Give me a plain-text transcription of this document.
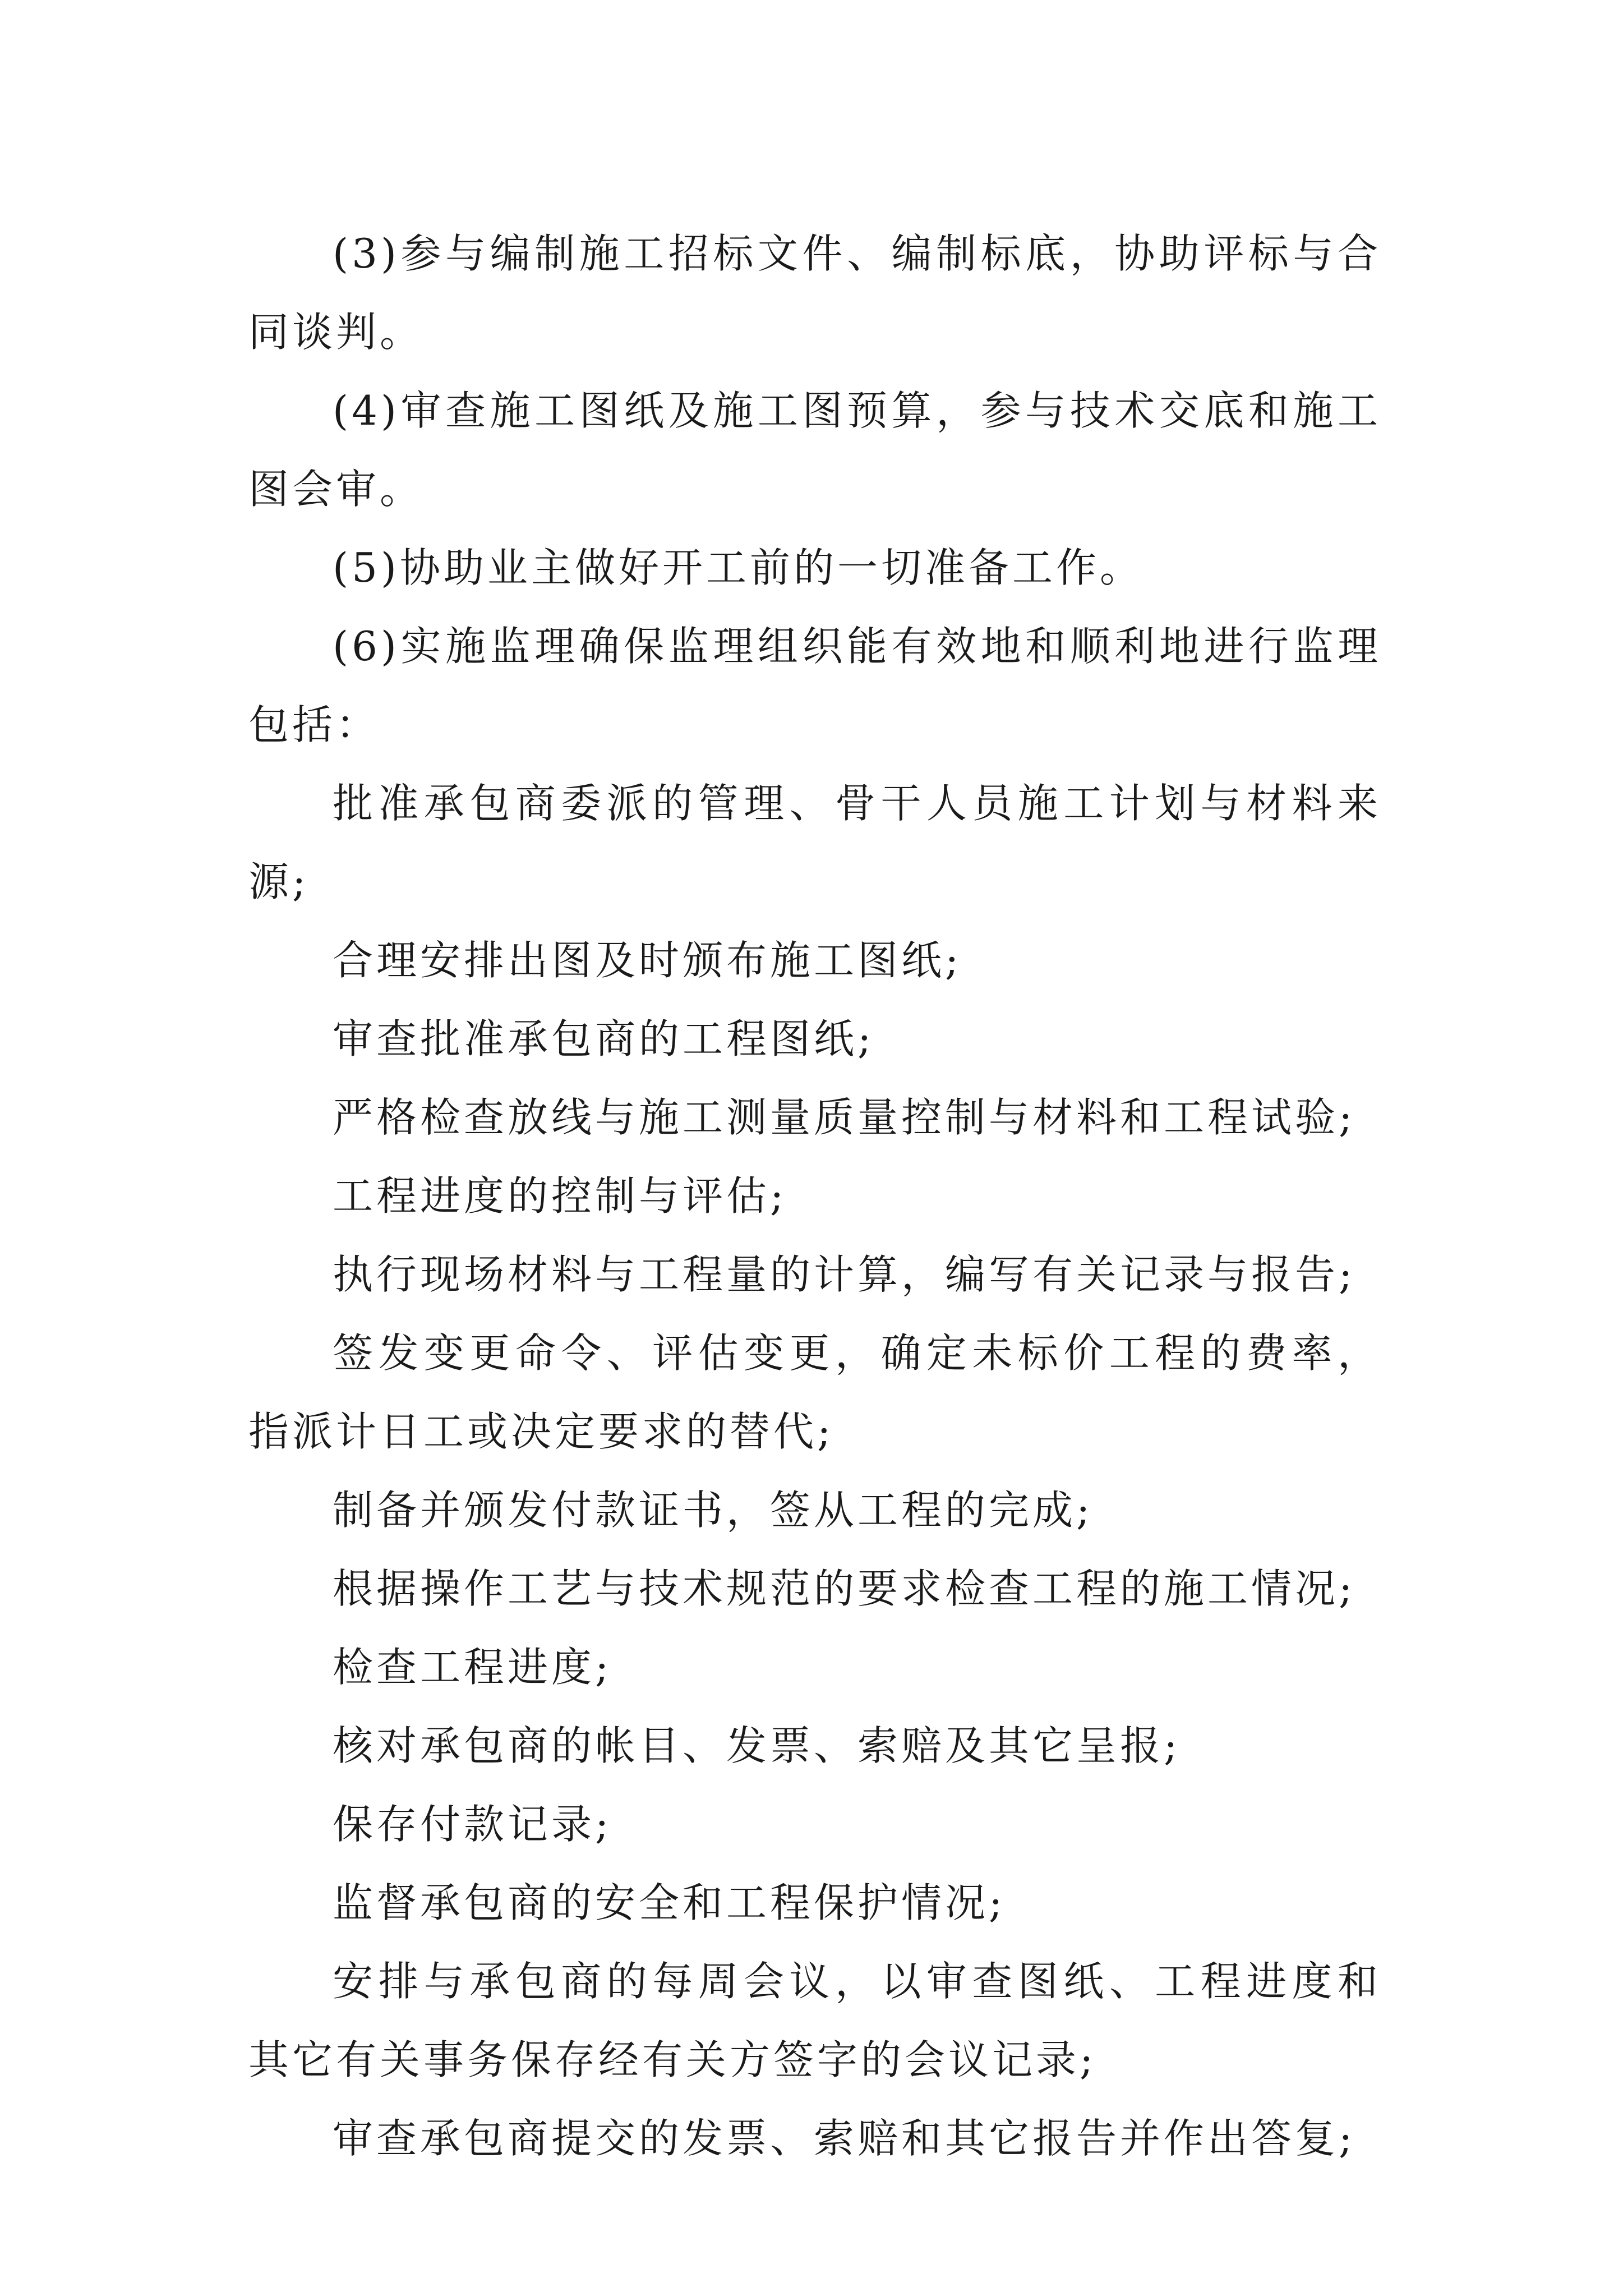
(3)参与编制施工招标文件、编制标底，协助评标与合同谈判。

(4)审查施工图纸及施工图预算，参与技术交底和施工图会审。

(5)协助业主做好开工前的一切准备工作。

(6)实施监理确保监理组织能有效地和顺利地进行监理包括：

批准承包商委派的管理、骨干人员施工计划与材料来源;

合理安排出图及时颁布施工图纸;

审查批准承包商的工程图纸;

严格检查放线与施工测量质量控制与材料和工程试验;

工程进度的控制与评估;

执行现场材料与工程量的计算，编写有关记录与报告;

签发变更命令、评估变更，确定未标价工程的费率，指派计日工或决定要求的替代;

制备并颁发付款证书，签从工程的完成;

根据操作工艺与技术规范的要求检查工程的施工情况;

检查工程进度;

核对承包商的帐目、发票、索赔及其它呈报;

保存付款记录;

监督承包商的安全和工程保护情况;

安排与承包商的每周会议，以审查图纸、工程进度和其它有关事务保存经有关方签字的会议记录;

审查承包商提交的发票、索赔和其它报告并作出答复;
